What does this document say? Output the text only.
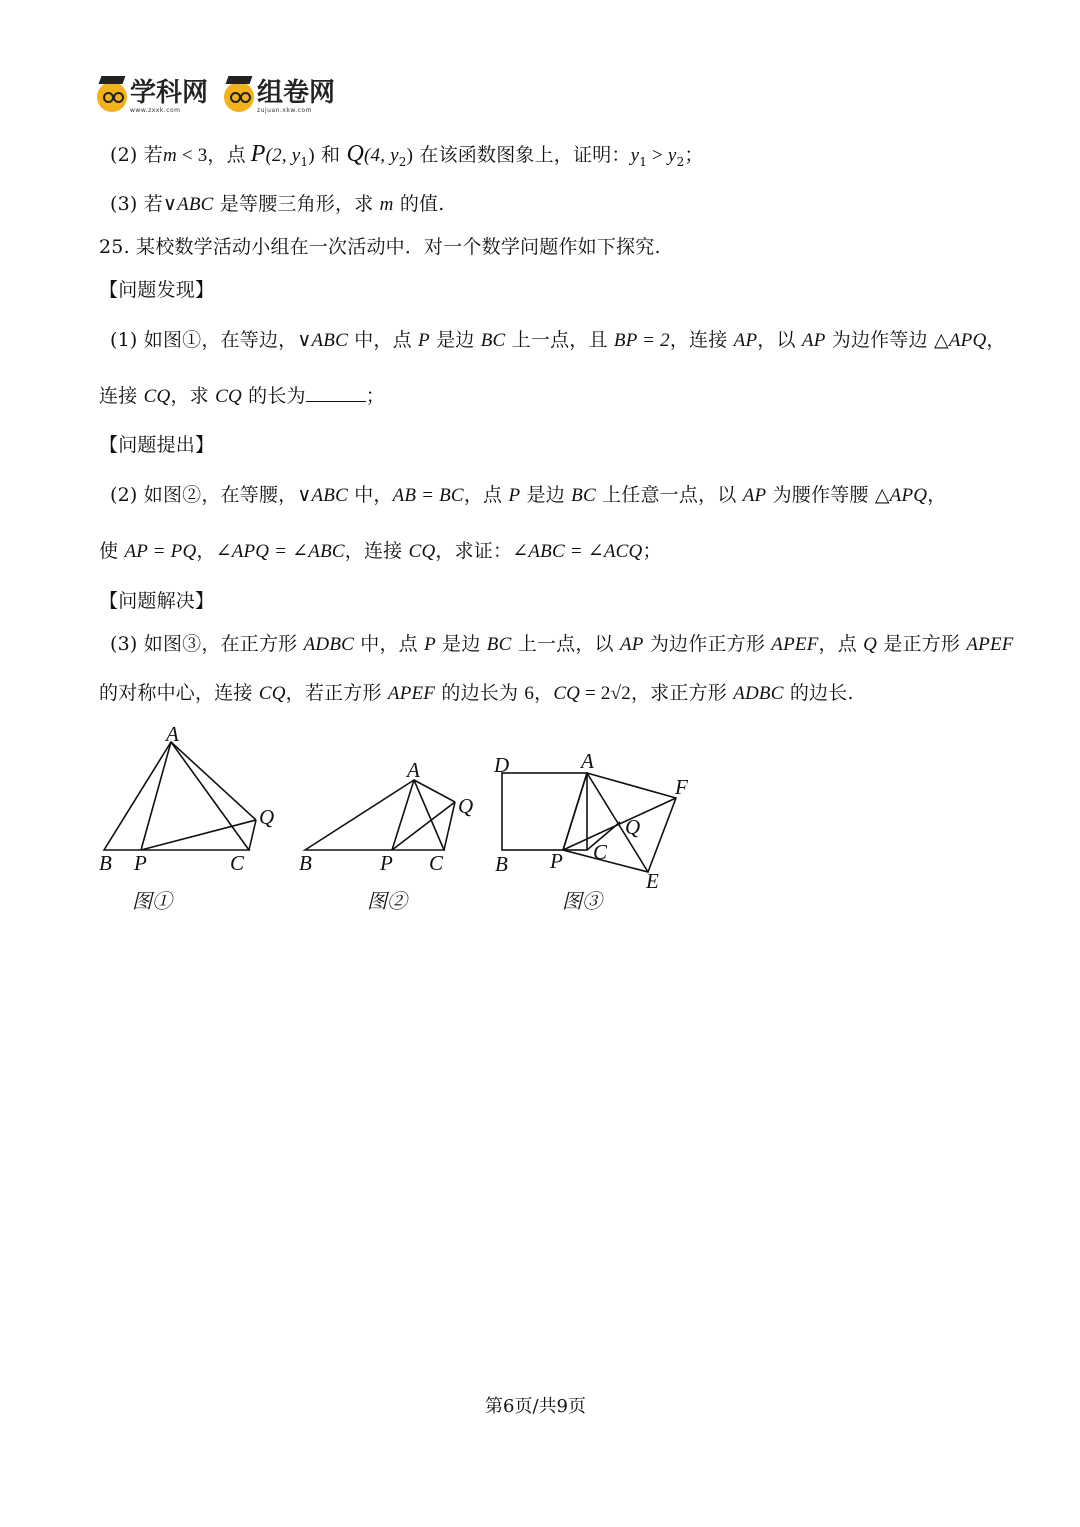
学科网
www.zxxk.com
组卷网
zujuan.xkw.com
(2) 若m < 3，点 P(2, $y_1$) 和 Q(4, $y_2$) 在该函数图象上，证明：$y_1 > y_2$；
(3) 若∨ABC 是等腰三角形，求 m 的值.
25. 某校数学活动小组在一次活动中．对一个数学问题作如下探究.
【问题发现】
(1) 如图①，在等边，∨ABC 中，点 P 是边 BC 上一点，且 BP = 2，连接 AP，以 AP 为边作等边 △APQ，
连接 CQ，求 CQ 的长为	；
【问题提出】
(2) 如图②，在等腰，∨ABC 中，AB = BC，点 P 是边 BC 上任意一点，以 AP 为腰作等腰 △APQ，
使 AP = PQ，∠APQ = ∠ABC，连接 CQ，求证：∠ABC = ∠ACQ；
【问题解决】
(3) 如图③，在正方形 ADBC 中，点 P 是边 BC 上一点，以 AP 为边作正方形 APEF，点 Q 是正方形 APEF
的对称中心，连接 CQ，若正方形 APEF 的边长为 6，CQ = 2√2，求正方形 ADBC 的边长.
A
B P	C
Q
图①
A
B	P C
Q
图②
D	A
F
Q
C
B P
E
图③
第6页/共9页
